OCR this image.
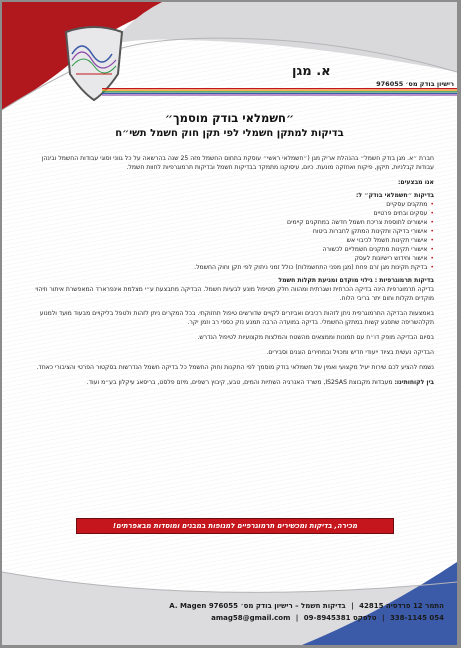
א. מגן
רישיון בודק מס׳ 976055
״חשמלאי בודק מוסמך״
בדיקות למתקן חשמלי לפי תקן חוק חשמל תשי״ח

חברת ״א. מגן בודק חשמל״ בהנהלת אריק מגן (״חשמלאי ראשי״ עוסקת בתחום החשמל מזה 25 שנה בהרשאה על כל גווני וסוגי עבודות החשמל ובינהן עבודות קבלניות, תיקון, פיקוח ואחזקה מונעת. כיום, עיסוקנו מתמקד בבדיקות חשמל ובדיקות תרמוגרפיות לחוות חשמל.

אנו מבצעים:
בדיקות ״חשמלאי בודק״ ל:
•מתקנים עסקיים
•עסקים ובתים פרטיים
•אישורים לתוספת צריכת חשמל חדשה במתקנים קיימים
•אישורי בדיקה ותקינות המתקן לחברות ביטוח
•אישורי תקינות חשמל לכיבוי אש
•אישורי תקינות מתקנים חשמליים לכשורה
•אישור וחידוש רישיונות לעסק
•בדיקת תקינות מגן זרם פחת (מגן מפני התחשמלות) כולל זמני ניתוק לפי תקן וחוק החשמל.
בדיקות תרמוגרפיות : גילוי מוקדם ומניעת תקלות חשמל

בדיקה תרמוגרפית הינה בדיקה הכרחית ושגרתית ומהווה חלק מטיפול מונע לבעיות חשמל. הבדיקה מתבצעת ע״י מצלמת אינפרארד המאפשרת איתור וזיהוי מוקדים תקלות וחום יתר בריבי הלוח.

באמצעות הבדיקה התרמוגרפית ניתן לזהות רכיבים ואביזרים לקויים שדורשים טיפול תחזוקתי. בכל המקרים ניתן לזהות ולטפל בליקויים מבעוד מועד ולמנוע תקלהשריפה שתפגע קשות במתקן החשמלי. בדיקה במועדה הרבה תמנע נזק כספי רב וזמן יקר.

בסיום הבדיקה מופק דו״ח עם תמונות וממצאים מהשטח והמלצות מקצועיות לטיפול הנדרש.

הבדיקה נעשית בציוד ייעודי חדיש ומכויל ובמחירים הוגנים וסבירים.

נשמח להציע לכם שירות יעיל מקצועי ואמין של חשמלאי בודק מוסמך לפי התקנות וחוק החשמל כל בדיקה חשמל הנדרשות בסקטור הפרטי והציבורי כאחד.

בין לקוחותינו: מעבדות מקבוצת IS2SAS, משרד האנרגיה השתיות והמים, טבע, קיבוץ רשפים, מיזם פלסט, בריסאג עיקלון בע״מ ועוד.

מכירה, בדיקות ומכשירים תרמוגרפיים למגופות במבנים ומוסדות מבאפרתים!
התמר 12 פרדסיה 42815 | בדיקות חשמל – רישיון בודק מס׳ 976055 A. Magen
054 338-1145 | טלפקס 09-8945381 | amag58@gmail.com
